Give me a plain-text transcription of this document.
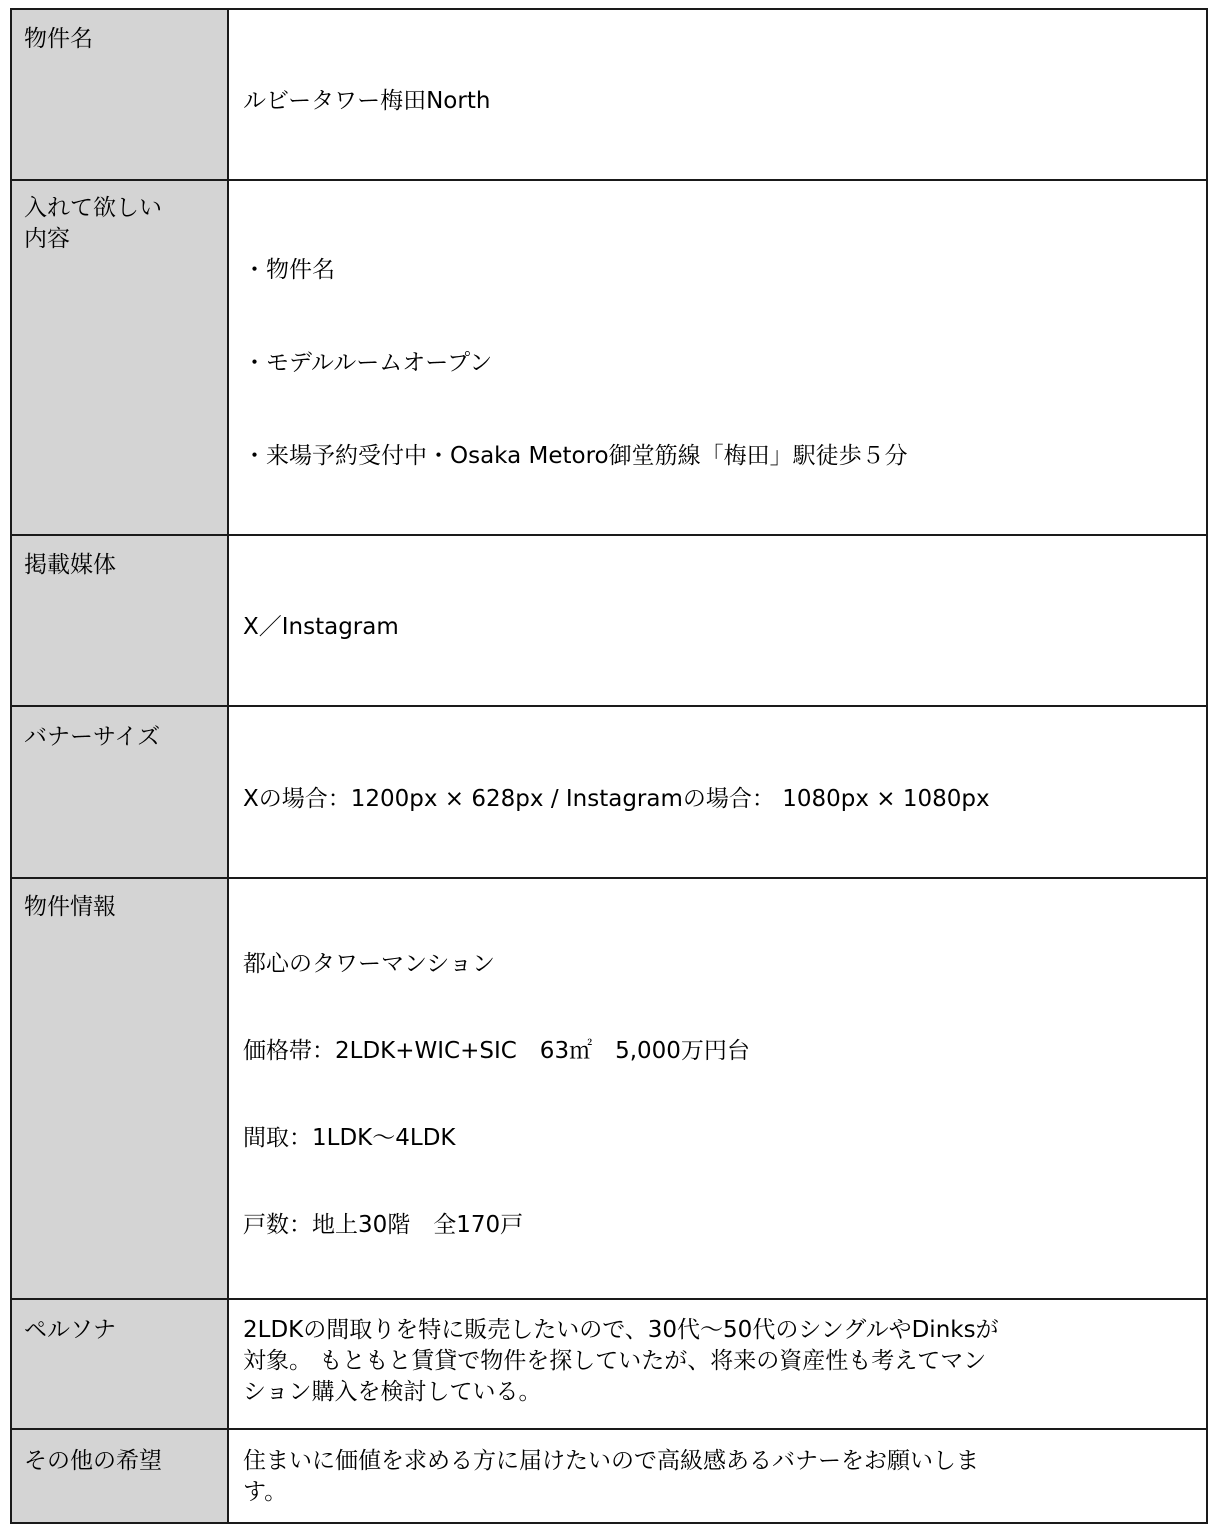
物件名	ルビータワー梅田North

入れて欲しい
内容	・物件名

・モデルルームオープン

・来場予約受付中・Osaka Metoro御堂筋線「梅田」駅徒歩５分

掲載媒体	X／Instagram

バナーサイズ	Xの場合：1200px × 628px / Instagramの場合： 1080px × 1080px

物件情報	都心のタワーマンション

価格帯：2LDK+WIC+SIC　63㎡　5,000万円台

間取：1LDK〜4LDK

戸数：地上30階　全170戸

ペルソナ	2LDKの間取りを特に販売したいので、30代〜50代のシングルやDinksが
対象。 もともと賃貸で物件を探していたが、将来の資産性も考えてマン
ション購入を検討している。

その他の希望	住まいに価値を求める方に届けたいので高級感あるバナーをお願いしま
す。
